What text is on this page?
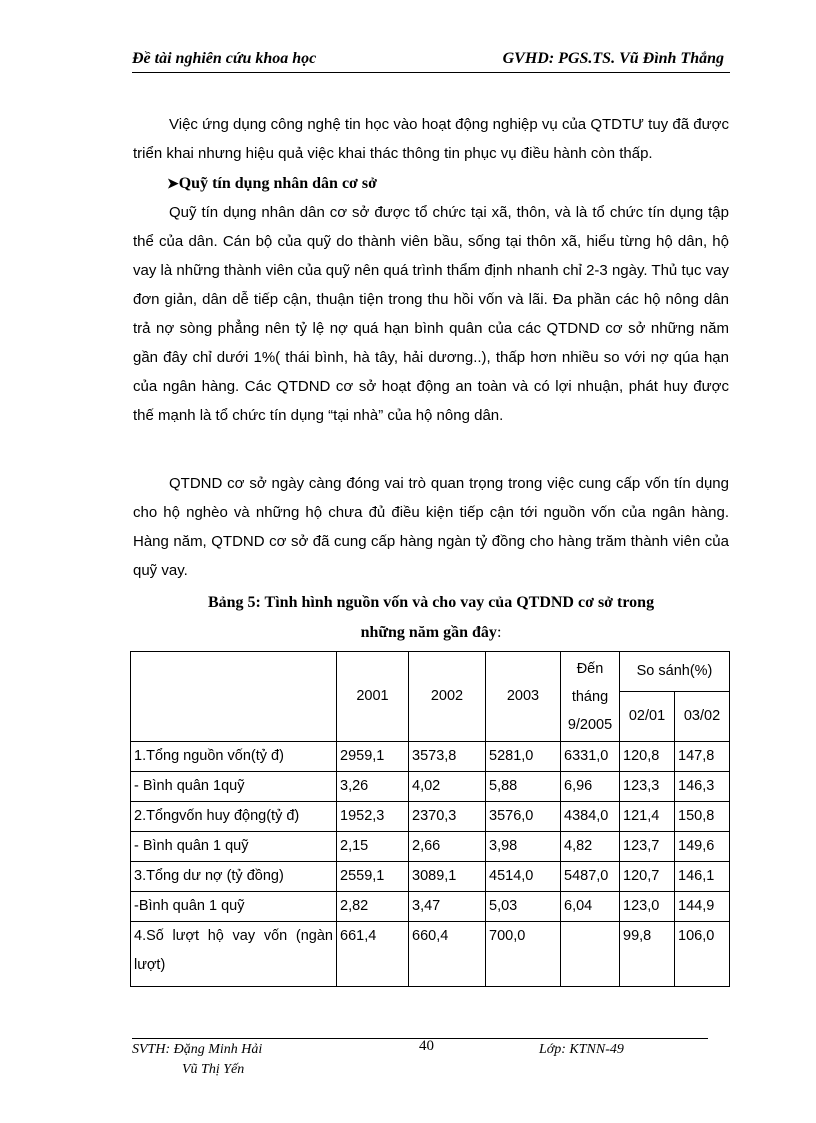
Đề tài nghiên cứu khoa học	GVHD: PGS.TS. Vũ Đình Thắng
Việc ứng dụng công nghệ tin học vào hoạt động nghiệp vụ của QTDTƯ tuy đã được triển khai nhưng hiệu quả việc khai thác thông tin phục vụ điều hành còn thấp.
➤Quỹ tín dụng nhân dân cơ sở
Quỹ tín dụng nhân dân cơ sở được tổ chức tại xã, thôn, và là tổ chức tín dụng tập thể của dân. Cán bộ của quỹ do thành viên bầu, sống tại thôn xã, hiểu từng hộ dân, hộ vay là những thành viên của quỹ nên quá trình thẩm định nhanh chỉ 2-3 ngày. Thủ tục vay đơn giản, dân dễ tiếp cận, thuận tiện trong thu hồi vốn và lãi. Đa phần các hộ nông dân trả nợ sòng phẳng nên tỷ lệ nợ quá hạn bình quân của các QTDND cơ sở những năm gần đây chỉ dưới 1%( thái bình, hà tây, hải dương..), thấp hơn nhiều so với nợ qúa hạn của ngân hàng. Các QTDND cơ sở hoạt động an toàn và có lợi nhuận, phát huy được thế mạnh là tổ chức tín dụng “tại nhà” của hộ nông dân.
QTDND cơ sở ngày càng đóng vai trò quan trọng trong việc cung cấp vốn tín dụng cho hộ nghèo và những hộ chưa đủ điều kiện tiếp cận tới nguồn vốn của ngân hàng. Hàng năm, QTDND cơ sở đã cung cấp hàng ngàn tỷ đồng cho hàng trăm thành viên của quỹ vay.
Bảng 5: Tình hình nguồn vốn và cho vay của QTDND cơ sở trong
những năm gần đây:
	2001	2002	2003	Đến
tháng
9/2005	So sánh(%)	
					02/01	03/02
1.Tổng nguồn vốn(tỷ đ)	2959,1	3573,8	5281,0	6331,0	120,8	147,8
- Bình quân 1quỹ	3,26	4,02	5,88	6,96	123,3	146,3
2.Tổngvốn huy động(tỷ đ)	1952,3	2370,3	3576,0	4384,0	121,4	150,8
- Bình quân 1 quỹ	2,15	2,66	3,98	4,82	123,7	149,6
3.Tổng dư nợ (tỷ đồng)	2559,1	3089,1	4514,0	5487,0	120,7	146,1
-Bình quân 1 quỹ	2,82	3,47	5,03	6,04	123,0	144,9
4.Số lượt hộ vay vốn (ngàn lượt)	661,4	660,4	700,0		99,8	106,0
SVTH: Đặng Minh Hải
Vũ Thị Yến
40	Lớp: KTNN-49
